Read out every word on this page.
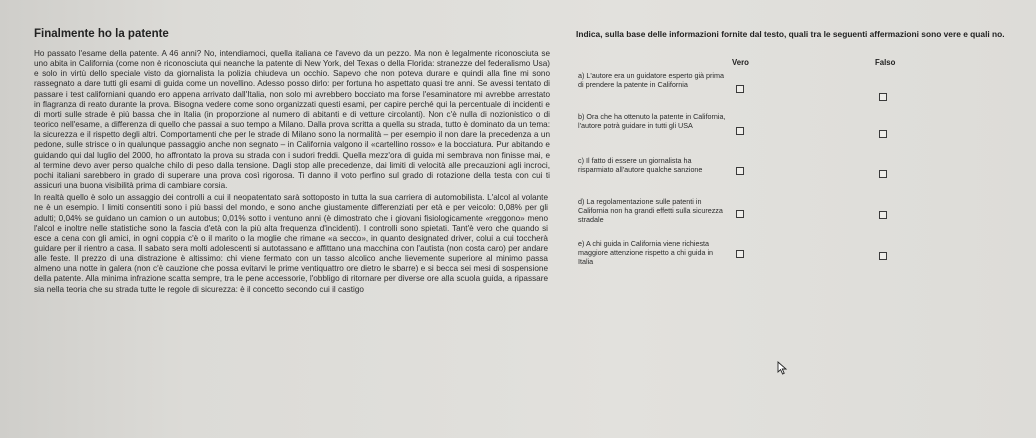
Finalmente ho la patente

Ho passato l'esame della patente. A 46 anni? No, intendiamoci, quella italiana ce l'avevo da un pezzo. Ma non è legalmente riconosciuta se uno abita in California (come non è riconosciuta qui neanche la patente di New York, del Texas o della Florida: stranezze del federalismo Usa) e solo in virtù dello speciale visto da giornalista la polizia chiudeva un occhio. Sapevo che non poteva durare e quindi alla fine mi sono rassegnato a dare tutti gli esami di guida come un novellino. Adesso posso dirlo: per fortuna ho aspettato quasi tre anni. Se avessi tentato di passare i test californiani quando ero appena arrivato dall'Italia, non solo mi avrebbero bocciato ma forse l'esaminatore mi avrebbe arrestato in flagranza di reato durante la prova. Bisogna vedere come sono organizzati questi esami, per capire perché qui la percentuale di incidenti e di morti sulle strade è più bassa che in Italia (in proporzione al numero di abitanti e di vetture circolanti). Non c'è nulla di nozionistico o di teorico nell'esame, a differenza di quello che passai a suo tempo a Milano. Dalla prova scritta a quella su strada, tutto è dominato da un tema: la sicurezza e il rispetto degli altri. Comportamenti che per le strade di Milano sono la normalità – per esempio il non dare la precedenza a un pedone, sulle strisce o in qualunque passaggio anche non segnato – in California valgono il «cartellino rosso» e la bocciatura. Pur abitando e guidando qui dal luglio del 2000, ho affrontato la prova su strada con i sudori freddi. Quella mezz'ora di guida mi sembrava non finisse mai, e al termine devo aver perso qualche chilo di peso dalla tensione. Dagli stop alle precedenze, dai limiti di velocità alle precauzioni agli incroci, pochi italiani sarebbero in grado di superare una prova così rigorosa. Ti danno il voto perfino sul grado di rotazione della testa con cui ti assicuri una buona visibilità prima di cambiare corsia.

In realtà quello è solo un assaggio dei controlli a cui il neopatentato sarà sottoposto in tutta la sua carriera di automobilista. L'alcol al volante ne è un esempio. I limiti consentiti sono i più bassi del mondo, e sono anche giustamente differenziati per età e per veicolo: 0,08% per gli adulti; 0,04% se guidano un camion o un autobus; 0,01% sotto i ventuno anni (è dimostrato che i giovani fisiologicamente «reggono» meno l'alcol e inoltre nelle statistiche sono la fascia d'età con la più alta frequenza d'incidenti). I controlli sono spietati. Tant'è vero che quando si esce a cena con gli amici, in ogni coppia c'è o il marito o la moglie che rimane «a secco», in quanto designated driver, colui a cui toccherà guidare per il rientro a casa. Il sabato sera molti adolescenti si autotassano e affittano una macchina con l'autista (non costa caro) per andare alle feste. Il prezzo di una distrazione è altissimo: chi viene fermato con un tasso alcolico anche lievemente superiore al minimo passa almeno una notte in galera (non c'è cauzione che possa evitarvi le prime ventiquattro ore dietro le sbarre) e si becca sei mesi di sospensione della patente. Alla minima infrazione scatta sempre, tra le pene accessorie, l'obbligo di ritornare per diverse ore alla scuola guida, a ripassare sia nella teoria che su strada tutte le regole di sicurezza: è il concetto secondo cui il castigo

Indica, sulla base delle informazioni fornite dal testo, quali tra le seguenti affermazioni sono vere e quali no.
Vero	Falso
a) L'autore era un guidatore esperto già prima di prendere la patente in California
b) Ora che ha ottenuto la patente in California, l'autore potrà guidare in tutti gli USA
c) Il fatto di essere un giornalista ha risparmiato all'autore qualche sanzione
d) La regolamentazione sulle patenti in California non ha grandi effetti sulla sicurezza stradale
e) A chi guida in California viene richiesta maggiore attenzione rispetto a chi guida in Italia
